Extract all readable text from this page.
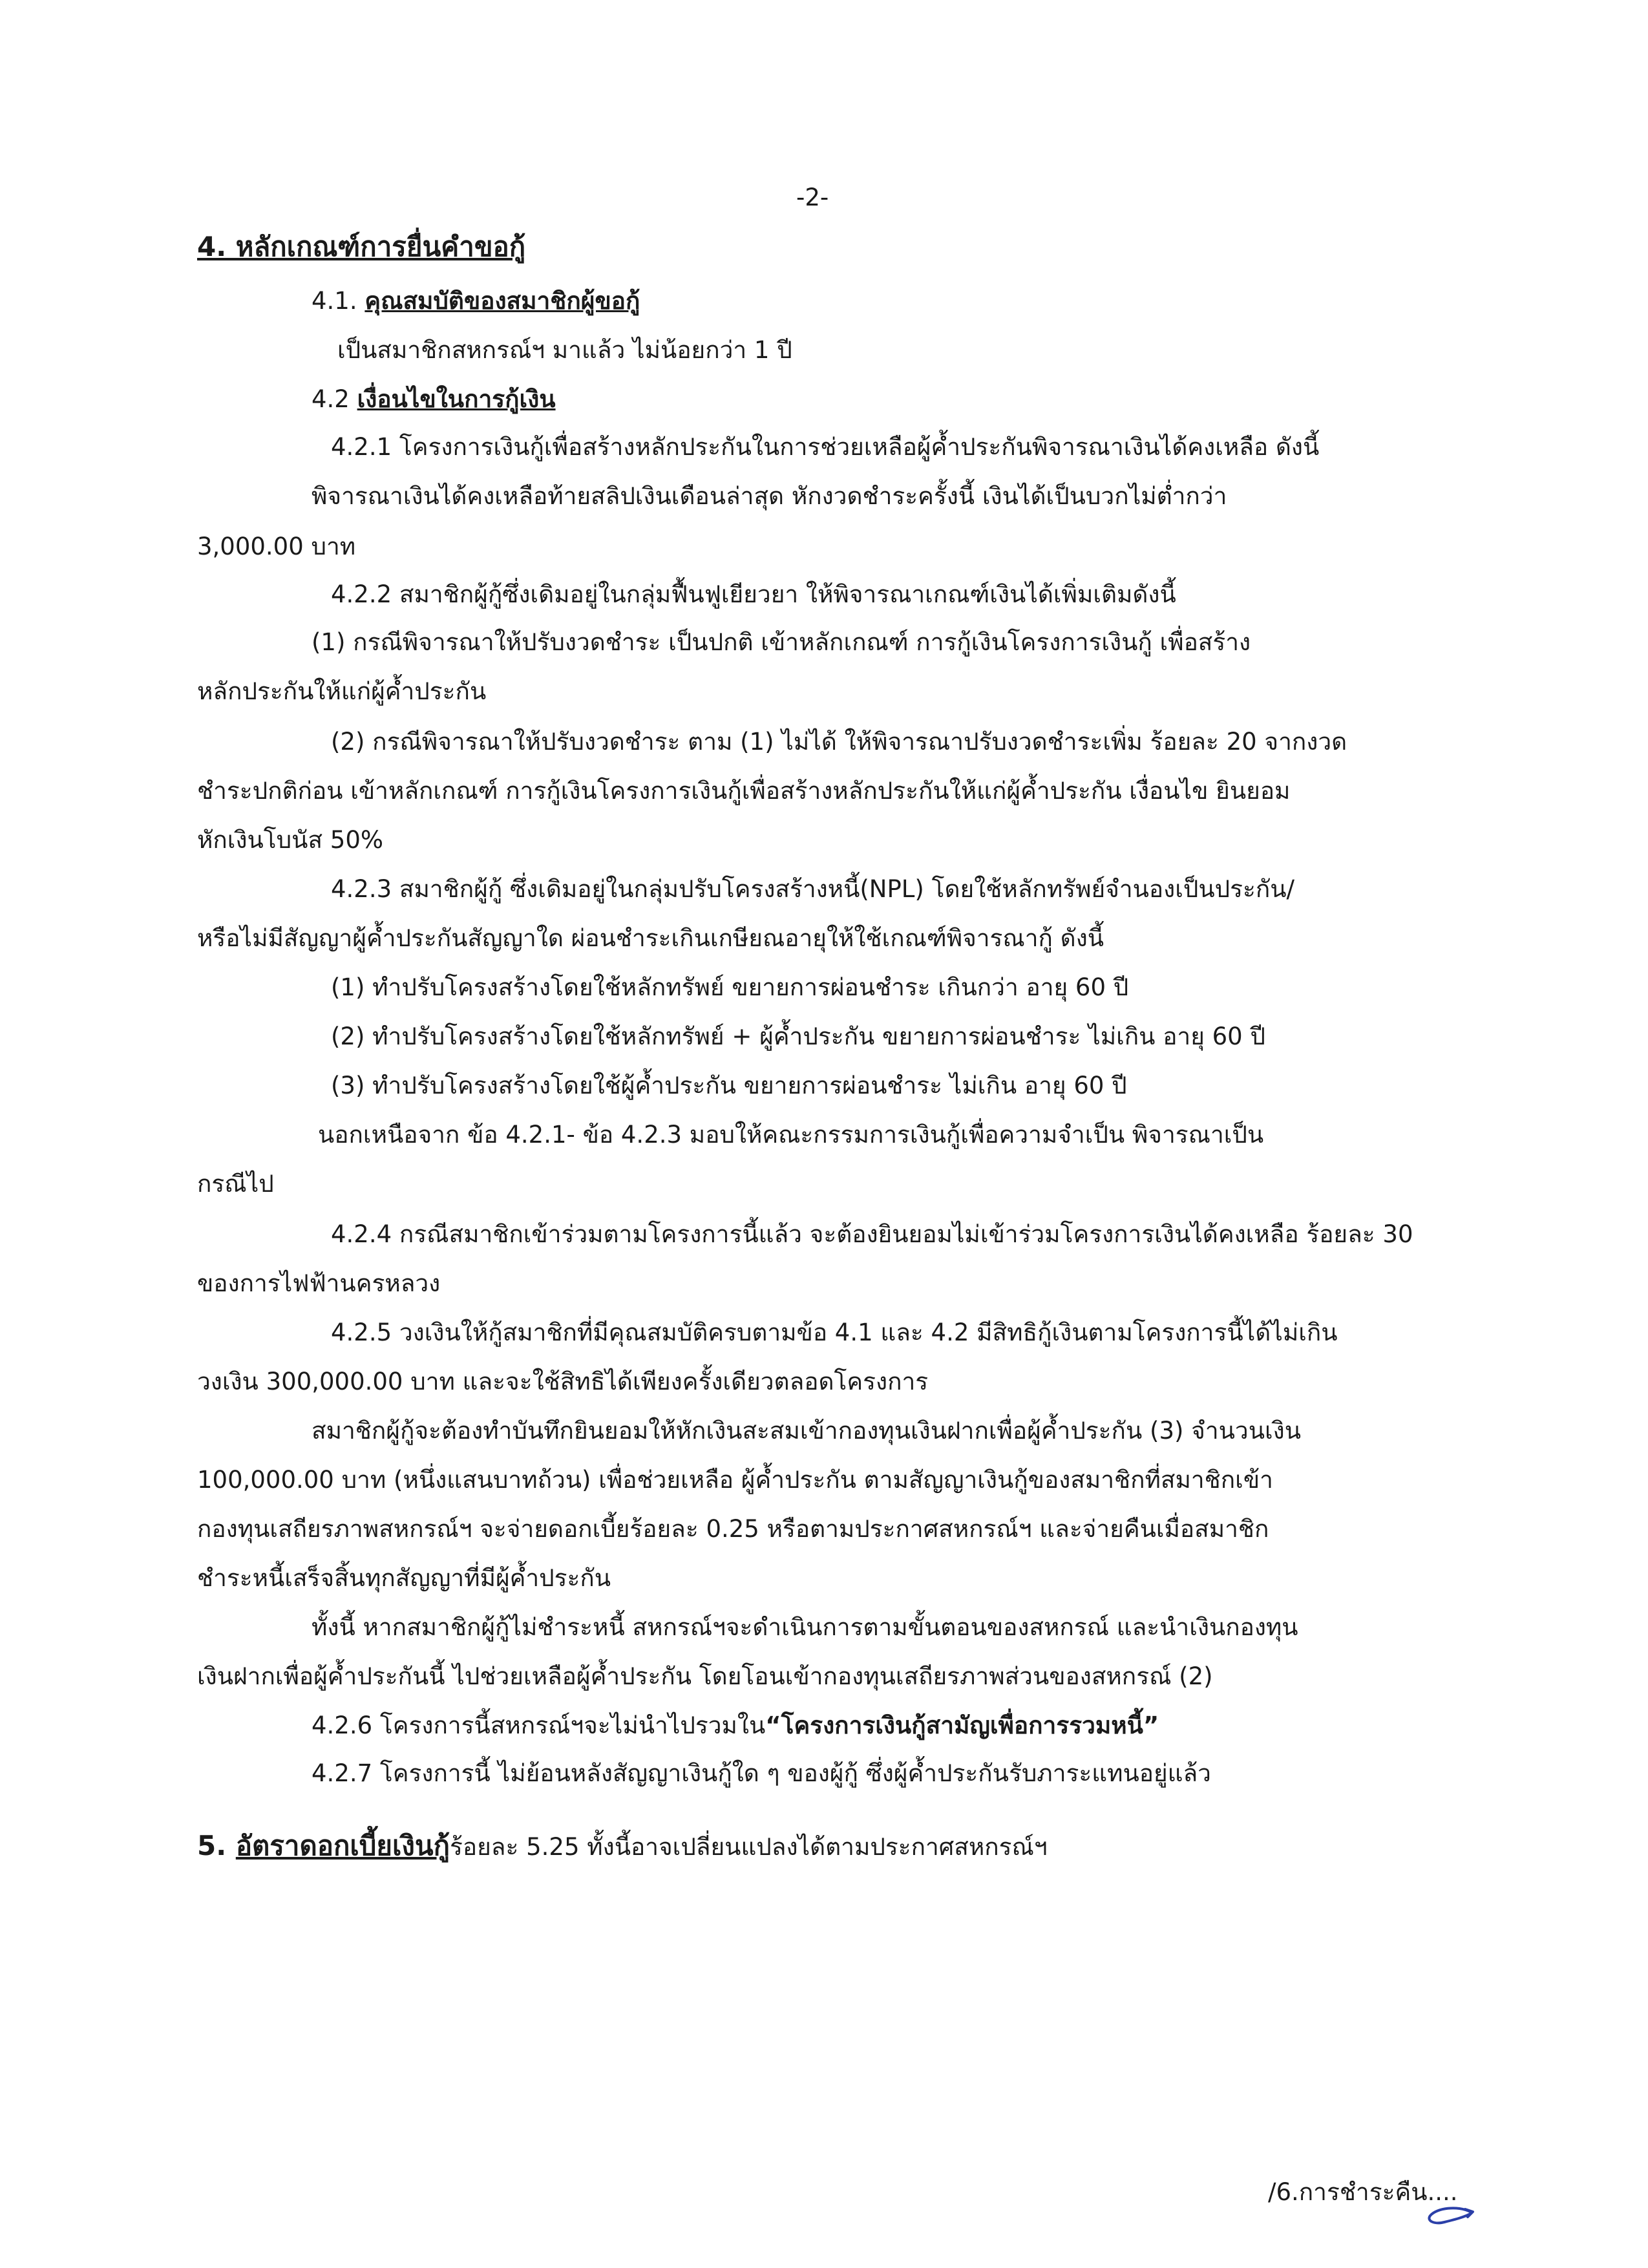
-2-
4. หลักเกณฑ์การยื่นคำขอกู้
4.1. คุณสมบัติของสมาชิกผู้ขอกู้
เป็นสมาชิกสหกรณ์ฯ มาแล้ว ไม่น้อยกว่า 1 ปี
4.2 เงื่อนไขในการกู้เงิน
4.2.1 โครงการเงินกู้เพื่อสร้างหลักประกันในการช่วยเหลือผู้ค้ำประกันพิจารณาเงินได้คงเหลือ ดังนี้
พิจารณาเงินได้คงเหลือท้ายสลิปเงินเดือนล่าสุด หักงวดชำระครั้งนี้ เงินได้เป็นบวกไม่ต่ำกว่า
3,000.00 บาท
4.2.2 สมาชิกผู้กู้ซึ่งเดิมอยู่ในกลุ่มฟื้นฟูเยียวยา ให้พิจารณาเกณฑ์เงินได้เพิ่มเติมดังนี้
(1) กรณีพิจารณาให้ปรับงวดชำระ เป็นปกติ เข้าหลักเกณฑ์ การกู้เงินโครงการเงินกู้ เพื่อสร้าง
หลักประกันให้แก่ผู้ค้ำประกัน
(2) กรณีพิจารณาให้ปรับงวดชำระ ตาม (1) ไม่ได้ ให้พิจารณาปรับงวดชำระเพิ่ม ร้อยละ 20 จากงวด
ชำระปกติก่อน เข้าหลักเกณฑ์ การกู้เงินโครงการเงินกู้เพื่อสร้างหลักประกันให้แก่ผู้ค้ำประกัน เงื่อนไข ยินยอม
หักเงินโบนัส 50%
4.2.3 สมาชิกผู้กู้ ซึ่งเดิมอยู่ในกลุ่มปรับโครงสร้างหนี้(NPL) โดยใช้หลักทรัพย์จำนองเป็นประกัน/
หรือไม่มีสัญญาผู้ค้ำประกันสัญญาใด ผ่อนชำระเกินเกษียณอายุให้ใช้เกณฑ์พิจารณากู้ ดังนี้
(1) ทำปรับโครงสร้างโดยใช้หลักทรัพย์ ขยายการผ่อนชำระ เกินกว่า อายุ 60 ปี
(2) ทำปรับโครงสร้างโดยใช้หลักทรัพย์ + ผู้ค้ำประกัน ขยายการผ่อนชำระ ไม่เกิน อายุ 60 ปี
(3) ทำปรับโครงสร้างโดยใช้ผู้ค้ำประกัน ขยายการผ่อนชำระ ไม่เกิน อายุ 60 ปี
นอกเหนือจาก ข้อ 4.2.1- ข้อ 4.2.3 มอบให้คณะกรรมการเงินกู้เพื่อความจำเป็น พิจารณาเป็น
กรณีไป
4.2.4 กรณีสมาชิกเข้าร่วมตามโครงการนี้แล้ว จะต้องยินยอมไม่เข้าร่วมโครงการเงินได้คงเหลือ ร้อยละ 30
ของการไฟฟ้านครหลวง
4.2.5 วงเงินให้กู้สมาชิกที่มีคุณสมบัติครบตามข้อ 4.1 และ 4.2 มีสิทธิกู้เงินตามโครงการนี้ได้ไม่เกิน
วงเงิน 300,000.00 บาท และจะใช้สิทธิได้เพียงครั้งเดียวตลอดโครงการ
สมาชิกผู้กู้จะต้องทำบันทึกยินยอมให้หักเงินสะสมเข้ากองทุนเงินฝากเพื่อผู้ค้ำประกัน (3) จำนวนเงิน
100,000.00 บาท (หนึ่งแสนบาทถ้วน) เพื่อช่วยเหลือ ผู้ค้ำประกัน ตามสัญญาเงินกู้ของสมาชิกที่สมาชิกเข้า
กองทุนเสถียรภาพสหกรณ์ฯ จะจ่ายดอกเบี้ยร้อยละ 0.25 หรือตามประกาศสหกรณ์ฯ และจ่ายคืนเมื่อสมาชิก
ชำระหนี้เสร็จสิ้นทุกสัญญาที่มีผู้ค้ำประกัน
ทั้งนี้ หากสมาชิกผู้กู้ไม่ชำระหนี้ สหกรณ์ฯจะดำเนินการตามขั้นตอนของสหกรณ์ และนำเงินกองทุน
เงินฝากเพื่อผู้ค้ำประกันนี้ ไปช่วยเหลือผู้ค้ำประกัน โดยโอนเข้ากองทุนเสถียรภาพส่วนของสหกรณ์ (2)
4.2.6 โครงการนี้สหกรณ์ฯจะไม่นำไปรวมใน“โครงการเงินกู้สามัญเพื่อการรวมหนี้”
4.2.7 โครงการนี้ ไม่ย้อนหลังสัญญาเงินกู้ใด ๆ ของผู้กู้ ซึ่งผู้ค้ำประกันรับภาระแทนอยู่แล้ว
5. อัตราดอกเบี้ยเงินกู้ร้อยละ 5.25 ทั้งนี้อาจเปลี่ยนแปลงได้ตามประกาศสหกรณ์ฯ
/6.การชำระคืน....
